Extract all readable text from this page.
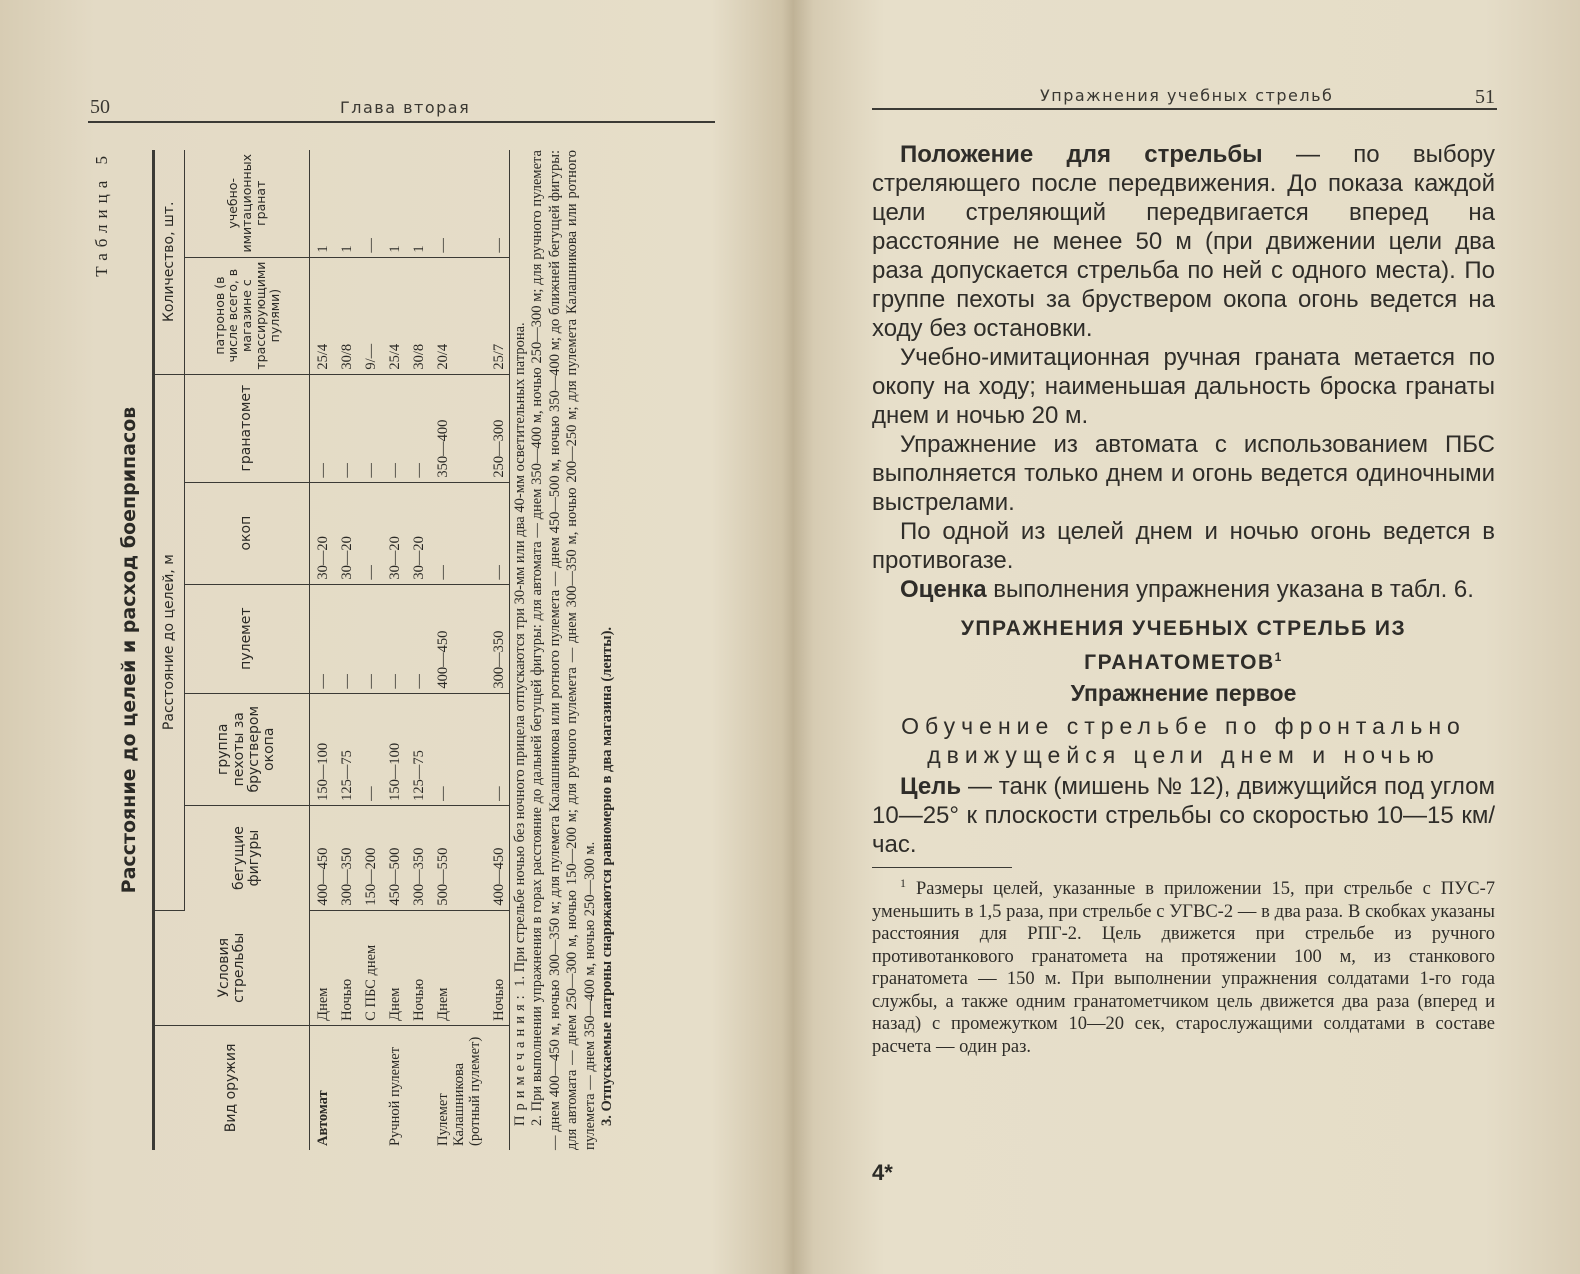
50	Глава вторая
Таблица 5
Расстояние до целей и расход боеприпасов
Вид оружия	Условия стрельбы	Расстояние до целей, м					Количество, шт.	
		бегущие фигуры	группа пехоты за бруствером окопа	пулемет	окоп	гранатомет	патронов (в числе всего, в магазине с трассирующими пулями)	учебно-имитационных гранат
Автомат	Днем	400—450	150—100	—	30—20	—	25/4	1
	Ночью	300—350	125—75	—	30—20	—	30/8	1
	С ПБС днем	150—200	—	—	—	—	9/—	—
Ручной пулемет	Днем	450—500	150—100	—	30—20	—	25/4	1
	Ночью	300—350	125—75	—	30—20	—	30/8	1
Пулемет Калашникова (ротный пулемет)	Днем	500—550	—	400—450	—	350—400	20/4	—
	Ночью	400—450	—	300—350	—	250—300	25/7	—

Примечания: 1. При стрельбе ночью без ночного прицела отпускаются три 30-мм или два 40-мм осветительных патрона. 2. При выполнении упражнения в горах расстояние до дальней бегущей фигуры: для автомата — днем 350—400 м, ночью 250—300 м; для ручного пулемета — днем 400—450 м, ночью 300—350 м; для пулемета Калашникова или ротного пулемета — днем 450—500 м, ночью 350—400 м; до ближней бегущей фигуры: для автомата — днем 250—300 м, ночью 150—200 м; для ручного пулемета — днем 300—350 м, ночью 200—250 м; для пулемета Калашникова или ротного пулемета — днем 350—400 м, ночью 250—300 м. 3. Отпускаемые патроны снаряжаются равномерно в два магазина (ленты).

Упражнения учебных стрельб	51

Положение для стрельбы — по выбору стреляющего после передвижения. До показа каждой цели стреляющий передвигается вперед на расстояние не менее 50 м (при движении цели два раза допускается стрельба по ней с одного места). По группе пехоты за бруствером окопа огонь ведется на ходу без остановки.

Учебно-имитационная ручная граната метается по окопу на ходу; наименьшая дальность броска гранаты днем и ночью 20 м.

Упражнение из автомата с использованием ПБС выполняется только днем и огонь ведется одиночными выстрелами.

По одной из целей днем и ночью огонь ведется в противогазе.

Оценка выполнения упражнения указана в табл. 6.

УПРАЖНЕНИЯ УЧЕБНЫХ СТРЕЛЬБ ИЗ ГРАНАТОМЕТОВ$^1$

Упражнение первое

Обучение стрельбе по фронтально движущейся цели днем и ночью

Цель — танк (мишень № 12), движущийся под углом 10—25° к плоскости стрельбы со скоростью 10—15 км/час.

$^1$ Размеры целей, указанные в приложении 15, при стрельбе с ПУС-7 уменьшить в 1,5 раза, при стрельбе с УГВС-2 — в два раза. В скобках указаны расстояния для РПГ-2. Цель движется при стрельбе из ручного противотанкового гранатомета на протяжении 100 м, из станкового гранатомета — 150 м. При выполнении упражнения солдатами 1-го года службы, а также одним гранатометчиком цель движется два раза (вперед и назад) с промежутком 10—20 сек, старослужащими солдатами в составе расчета — один раз.

4*
